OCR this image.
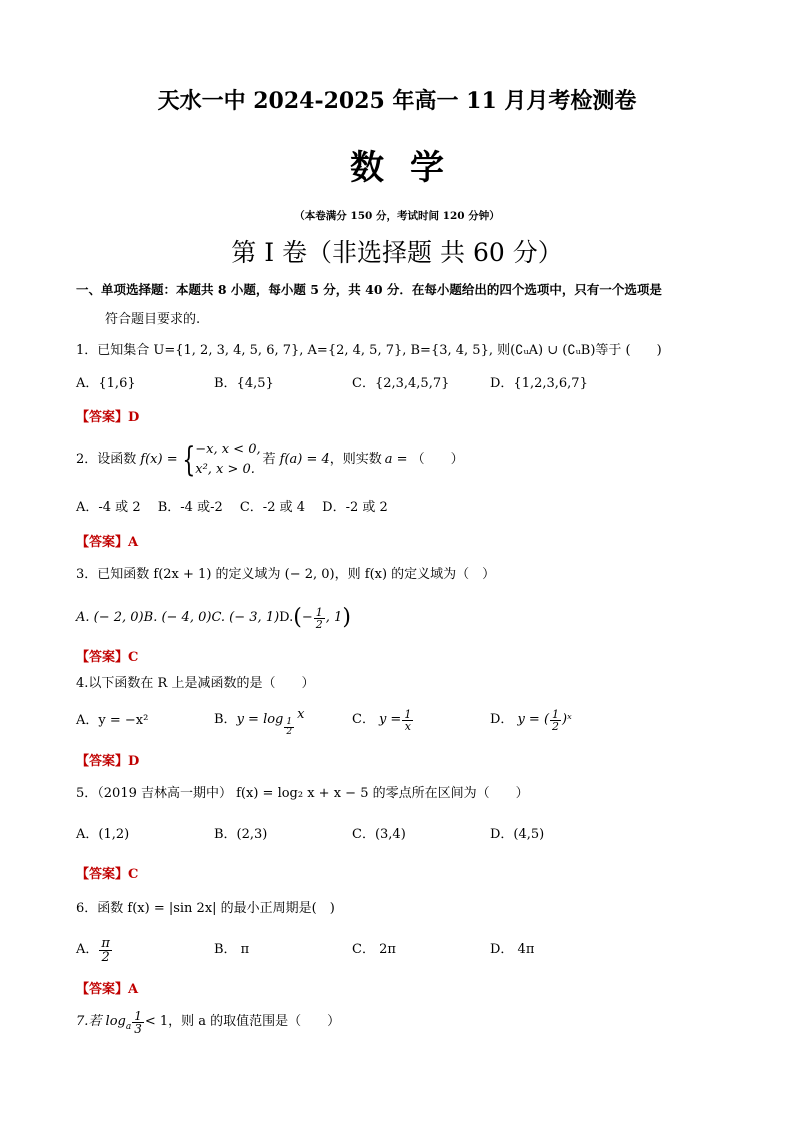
天水一中 2024-2025 年高一 11 月月考检测卷
数学
（本卷满分 150 分，考试时间 120 分钟）
第 I 卷（非选择题 共 60 分）
一、单项选择题：本题共 8 小题，每小题 5 分，共 40 分．在每小题给出的四个选项中，只有一个选项是
符合题目要求的.
1．已知集合 U={1, 2, 3, 4, 5, 6, 7}, A={2, 4, 5, 7}, B={3, 4, 5}, 则(∁ᵤA) ∪ (∁ᵤB)等于 (　　)
A．{1,6}	B．{4,5}	C．{2,3,4,5,7}	D．{1,2,3,6,7}
【答案】D
2．设函数 f(x) = { −x, x < 0,
x², x > 0.
若 f(a) = 4 ，则实数 a = （　　）
A．-4 或 2　 B．-4 或-2　 C．-2 或 4　 D．-2 或 2
【答案】A
3．已知函数 f(2x + 1) 的定义域为 (− 2, 0)，则 f(x) 的定义域为（　）
A. (− 2, 0) B. (− 4, 0) C. (− 3, 1) D. ( − $\frac{1}{2}$ , 1 )
【答案】C
4.以下函数在 R 上是减函数的是（　　）
A．y = −x²	B． $y = \log \frac{1}{2}$
x	C． $y = \frac{1}{x}$	D． y = ( $\frac{1}{2}$ )ˣ
【答案】D
5．（2019 吉林高一期中） f(x) = log₂ x + x − 5 的零点所在区间为（　　）
A．(1,2)	B．(2,3)	C．(3,4)	D．(4,5)
【答案】C
6．函数 f(x) = |sin 2x| 的最小正周期是(　)
A． $\frac{\pi}{2}$	B． π	C． 2π	D． 4π
【答案】A
7.若 log a $\frac{1}{3} < 1$，则 a 的取值范围是（　　）
